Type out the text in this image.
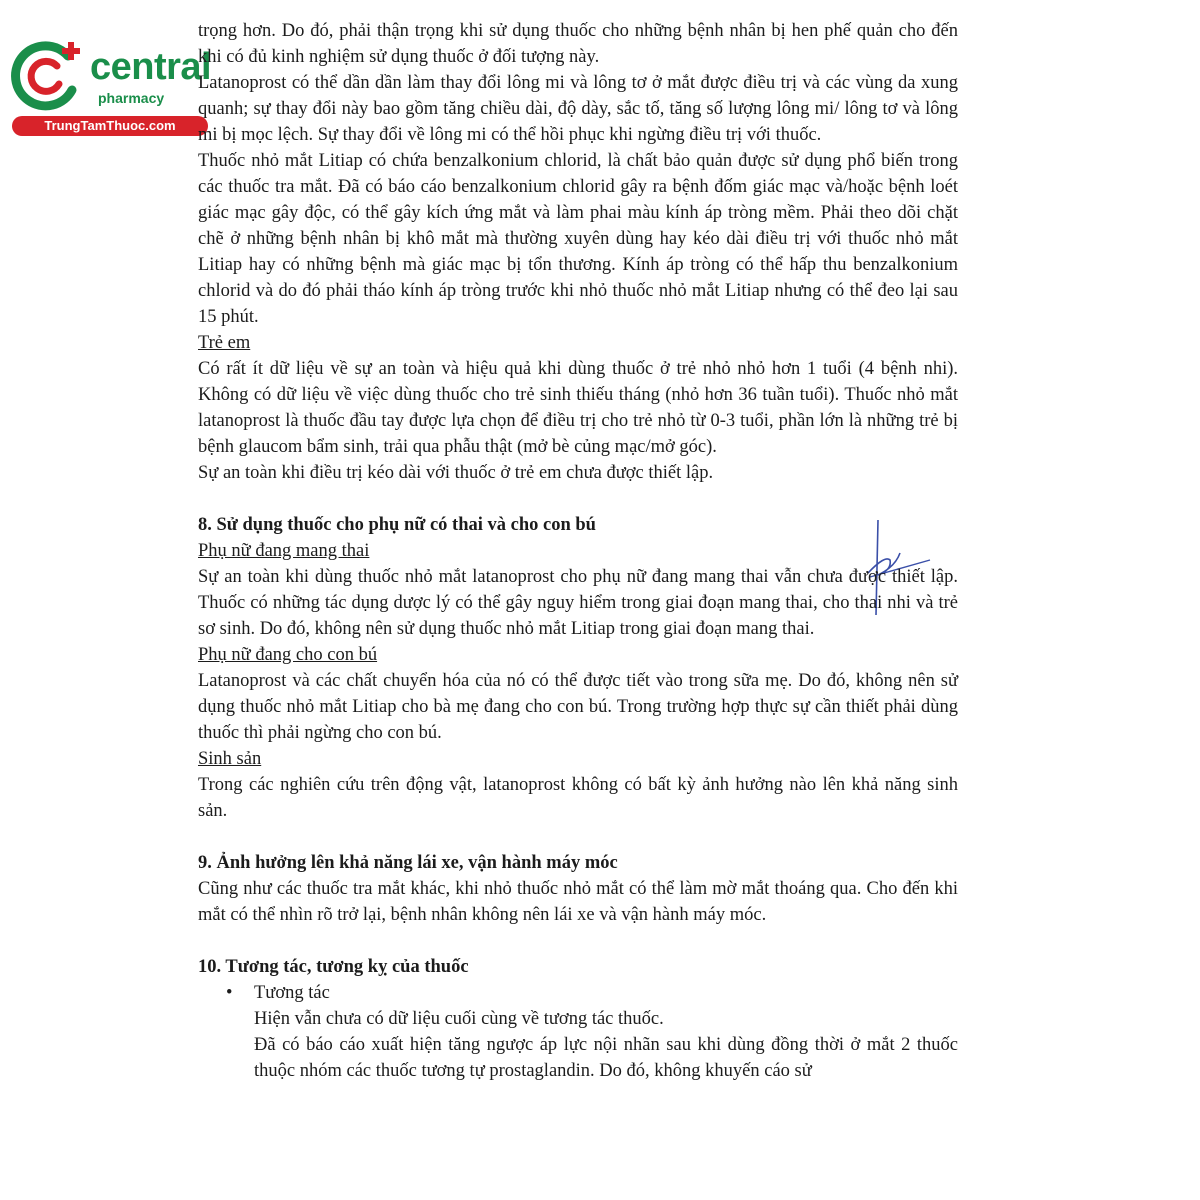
central
pharmacy
TrungTamThuoc.com

trọng hơn. Do đó, phải thận trọng khi sử dụng thuốc cho những bệnh nhân bị hen phế quản cho đến khi có đủ kinh nghiệm sử dụng thuốc ở đối tượng này.

Latanoprost có thể dần dần làm thay đổi lông mi và lông tơ ở mắt được điều trị và các vùng da xung quanh; sự thay đổi này bao gồm tăng chiều dài, độ dày, sắc tố, tăng số lượng lông mi/ lông tơ và lông mi bị mọc lệch. Sự thay đổi về lông mi có thể hồi phục khi ngừng điều trị với thuốc.

Thuốc nhỏ mắt Litiap có chứa benzalkonium chlorid, là chất bảo quản được sử dụng phổ biến trong các thuốc tra mắt. Đã có báo cáo benzalkonium chlorid gây ra bệnh đốm giác mạc và/hoặc bệnh loét giác mạc gây độc, có thể gây kích ứng mắt và làm phai màu kính áp tròng mềm. Phải theo dõi chặt chẽ ở những bệnh nhân bị khô mắt mà thường xuyên dùng hay kéo dài điều trị với thuốc nhỏ mắt Litiap hay có những bệnh mà giác mạc bị tổn thương. Kính áp tròng có thể hấp thu benzalkonium chlorid và do đó phải tháo kính áp tròng trước khi nhỏ thuốc nhỏ mắt Litiap nhưng có thể đeo lại sau 15 phút.

Trẻ em

Có rất ít dữ liệu về sự an toàn và hiệu quả khi dùng thuốc ở trẻ nhỏ nhỏ hơn 1 tuổi (4 bệnh nhi). Không có dữ liệu về việc dùng thuốc cho trẻ sinh thiếu tháng (nhỏ hơn 36 tuần tuổi). Thuốc nhỏ mắt latanoprost là thuốc đầu tay được lựa chọn để điều trị cho trẻ nhỏ từ 0-3 tuổi, phần lớn là những trẻ bị bệnh glaucom bẩm sinh, trải qua phẫu thật (mở bè củng mạc/mở góc).

Sự an toàn khi điều trị kéo dài với thuốc ở trẻ em chưa được thiết lập.

8. Sử dụng thuốc cho phụ nữ có thai và cho con bú

Phụ nữ đang mang thai

Sự an toàn khi dùng thuốc nhỏ mắt latanoprost cho phụ nữ đang mang thai vẫn chưa được thiết lập. Thuốc có những tác dụng dược lý có thể gây nguy hiểm trong giai đoạn mang thai, cho thai nhi và trẻ sơ sinh. Do đó, không nên sử dụng thuốc nhỏ mắt Litiap trong giai đoạn mang thai.

Phụ nữ đang cho con bú

Latanoprost và các chất chuyển hóa của nó có thể được tiết vào trong sữa mẹ. Do đó, không nên sử dụng thuốc nhỏ mắt Litiap cho bà mẹ đang cho con bú. Trong trường hợp thực sự cần thiết phải dùng thuốc thì phải ngừng cho con bú.

Sinh sản

Trong các nghiên cứu trên động vật, latanoprost không có bất kỳ ảnh hưởng nào lên khả năng sinh sản.

9. Ảnh hưởng lên khả năng lái xe, vận hành máy móc

Cũng như các thuốc tra mắt khác, khi nhỏ thuốc nhỏ mắt có thể làm mờ mắt thoáng qua. Cho đến khi mắt có thể nhìn rõ trở lại, bệnh nhân không nên lái xe và vận hành máy móc.

10. Tương tác, tương kỵ của thuốc

•	Tương tác

Hiện vẫn chưa có dữ liệu cuối cùng về tương tác thuốc.

Đã có báo cáo xuất hiện tăng ngược áp lực nội nhãn sau khi dùng đồng thời ở mắt 2 thuốc thuộc nhóm các thuốc tương tự prostaglandin. Do đó, không khuyến cáo sử
